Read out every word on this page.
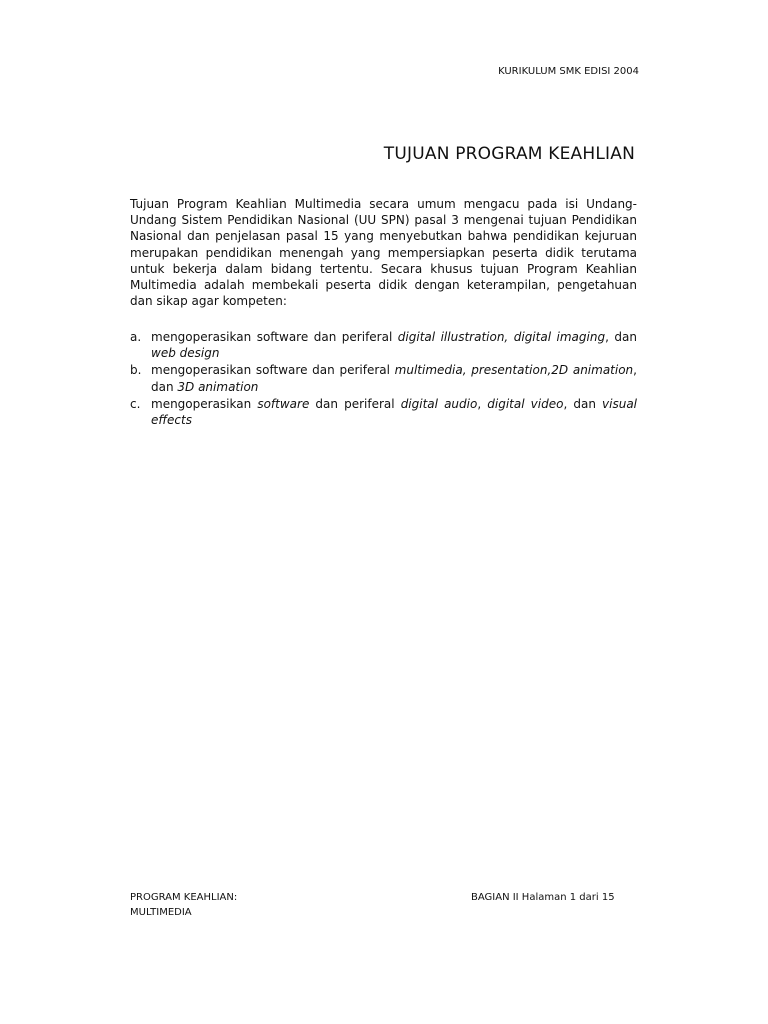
KURIKULUM SMK EDISI 2004
TUJUAN PROGRAM KEAHLIAN

Tujuan Program Keahlian Multimedia secara umum mengacu pada isi Undang-Undang Sistem Pendidikan Nasional (UU SPN) pasal 3 mengenai tujuan Pendidikan Nasional dan penjelasan pasal 15 yang menyebutkan bahwa pendidikan kejuruan merupakan pendidikan menengah yang mempersiapkan peserta didik terutama untuk bekerja dalam bidang tertentu. Secara khusus tujuan Program Keahlian Multimedia adalah membekali peserta didik dengan keterampilan, pengetahuan dan sikap agar kompeten:

a. mengoperasikan software dan periferal digital illustration, digital imaging, dan web design
b. mengoperasikan software dan periferal multimedia, presentation,2D animation, dan 3D animation
c. mengoperasikan software dan periferal digital audio, digital video, dan visual effects
PROGRAM KEAHLIAN:
MULTIMEDIA
BAGIAN II Halaman 1 dari 15
